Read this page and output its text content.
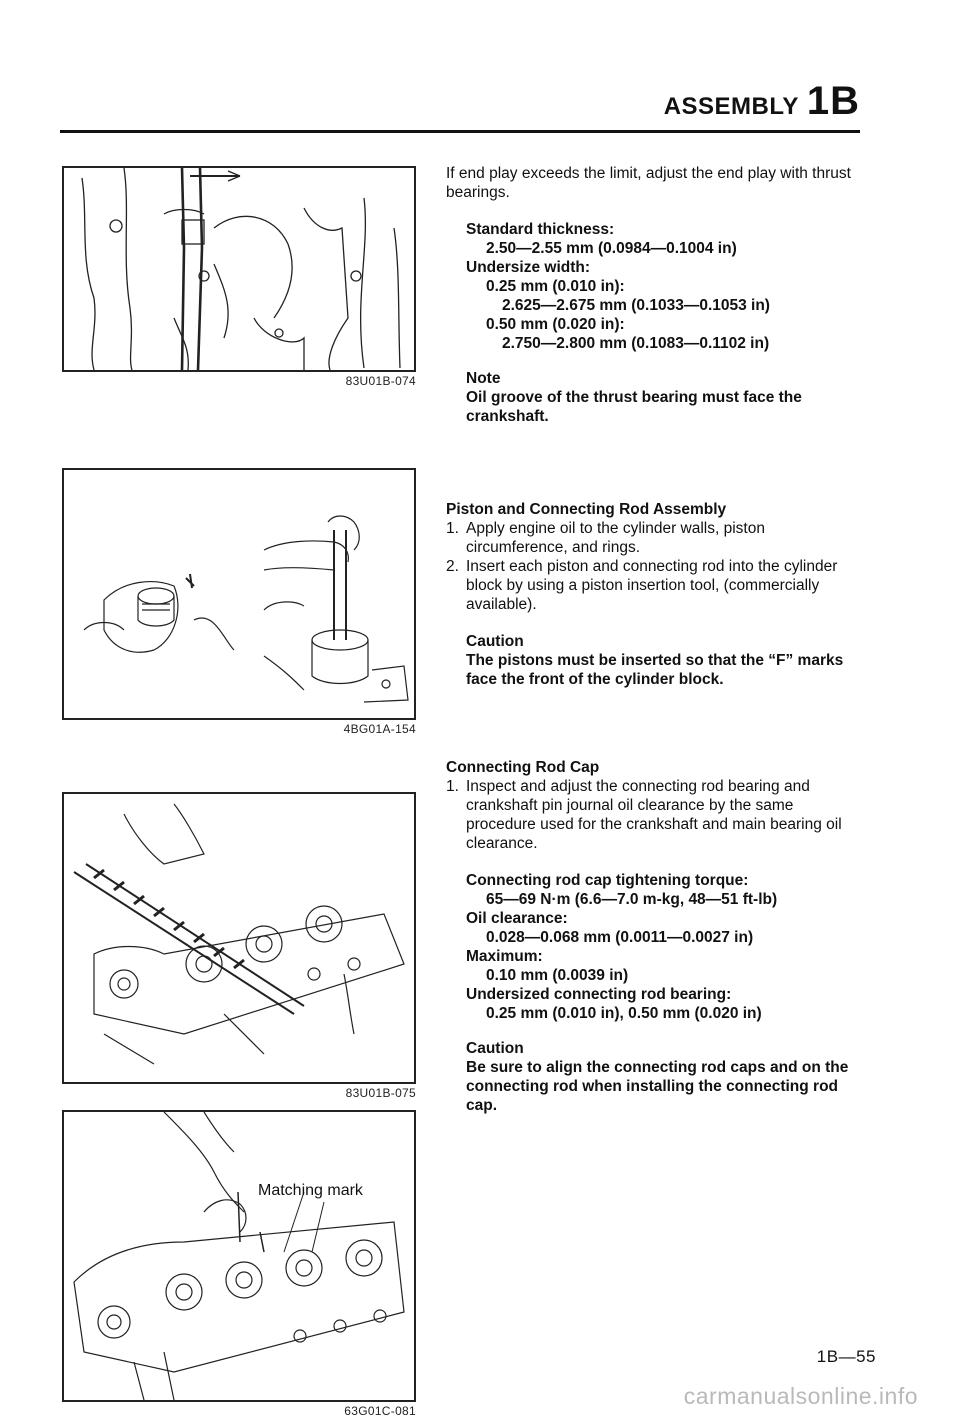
ASSEMBLY 1B
83U01B-074
4BG01A-154
83U01B-075
Matching mark
63G01C-081

If end play exceeds the limit, adjust the end play with thrust bearings.

Standard thickness:

2.50—2.55 mm (0.0984—0.1004 in)

Undersize width:

0.25 mm (0.010 in):

2.625—2.675 mm (0.1033—0.1053 in)

0.50 mm (0.020 in):

2.750—2.800 mm (0.1083—0.1102 in)

Note

Oil groove of the thrust bearing must face the crankshaft.

Piston and Connecting Rod Assembly

1. Apply engine oil to the cylinder walls, piston circumference, and rings.
2. Insert each piston and connecting rod into the cylinder block by using a piston insertion tool, (commercially available).

Caution

The pistons must be inserted so that the “F” marks face the front of the cylinder block.

Connecting Rod Cap

1. Inspect and adjust the connecting rod bearing and crankshaft pin journal oil clearance by the same procedure used for the crankshaft and main bearing oil clearance.

Connecting rod cap tightening torque:

65—69 N·m (6.6—7.0 m-kg, 48—51 ft-lb)

Oil clearance:

0.028—0.068 mm (0.0011—0.0027 in)

Maximum:

0.10 mm (0.0039 in)

Undersized connecting rod bearing:

0.25 mm (0.010 in), 0.50 mm (0.020 in)

Caution

Be sure to align the connecting rod caps and on the connecting rod when installing the connecting rod cap.

1B—55
carmanualsonline.info
